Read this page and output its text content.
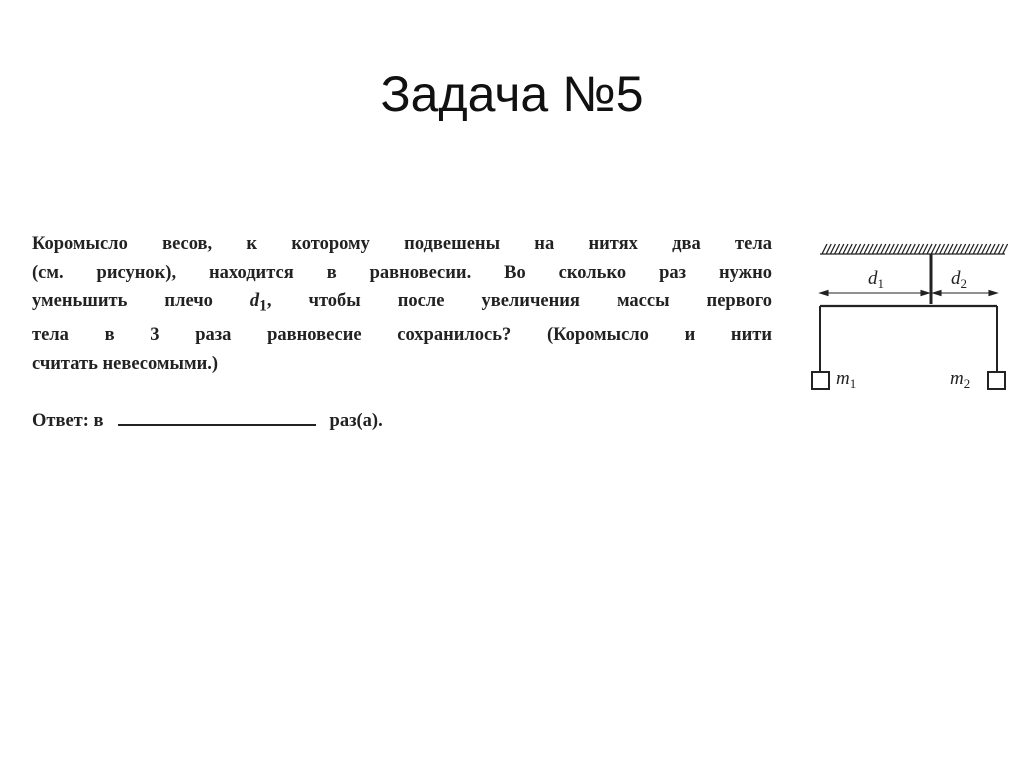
Задача №5
Коромысло весов, к которому подвешены на нитях два тела
(см. рисунок), находится в равновесии. Во сколько раз нужно
уменьшить плечо $d_1$, чтобы после увеличения массы первого
тела в 3 раза равновесие сохранилось? (Коромысло и нити
считать невесомыми.)
Ответ: в	раз(а).
$d_1$	$d_2$
$m_1$	$m_2$
